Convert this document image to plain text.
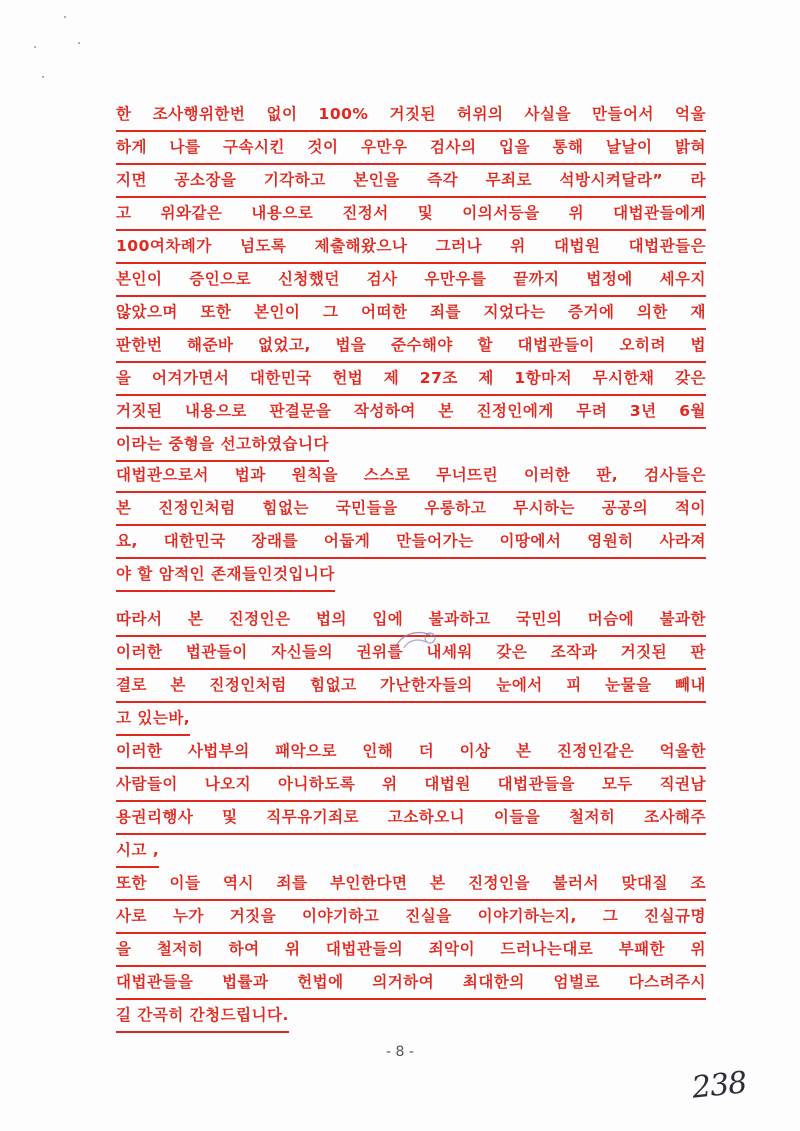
한 조사행위한번 없이 100% 거짓된 허위의 사실을 만들어서 억울
하게 나를 구속시킨 것이 우만우 검사의 입을 통해 날날이 밝혀
지면 공소장을 기각하고 본인을 즉각 무죄로 석방시켜달라” 라
고 위와같은 내용으로 진정서 및 이의서등을 위 대법관들에게
100여차례가 넘도록 제출해왔으나 그러나 위 대법원 대법관들은
본인이 증인으로 신청했던 검사 우만우를 끝까지 법정에 세우지
않았으며 또한 본인이 그 어떠한 죄를 지었다는 증거에 의한 재
판한번 해준바 없었고, 법을 준수해야 할 대법관들이 오히려 법
을 어겨가면서 대한민국 헌법 제 27조 제 1항마저 무시한채 갖은
거짓된 내용으로 판결문을 작성하여 본 진정인에게 무려 3년 6월
이라는 중형을 선고하였습니다
대법관으로서 법과 원칙을 스스로 무너뜨린 이러한 판, 검사들은
본 진정인처럼 힘없는 국민들을 우롱하고 무시하는 공공의 적이
요, 대한민국 장래를 어둡게 만들어가는 이땅에서 영원히 사라져
야 할 암적인 존재들인것입니다
따라서 본 진정인은 법의 입에 불과하고 국민의 머슴에 불과한
이러한 법관들이 자신들의 권위를 내세워 갖은 조작과 거짓된 판
결로 본 진정인처럼 힘없고 가난한자들의 눈에서 피 눈물을 빼내
고 있는바,
이러한 사법부의 패악으로 인해 더 이상 본 진정인같은 억울한
사람들이 나오지 아니하도록 위 대법원 대법관들을 모두 직권남
용권리행사 및 직무유기죄로 고소하오니 이들을 철저히 조사해주
시고 ,
또한 이들 역시 죄를 부인한다면 본 진정인을 불러서 맞대질 조
사로 누가 거짓을 이야기하고 진실을 이야기하는지, 그 진실규명
을 철저히 하여 위 대법관들의 죄악이 드러나는대로 부패한 위
대법관들을 법률과 헌법에 의거하여 최대한의 엄벌로 다스려주시
길 간곡히 간청드립니다.
- 8 -
238
